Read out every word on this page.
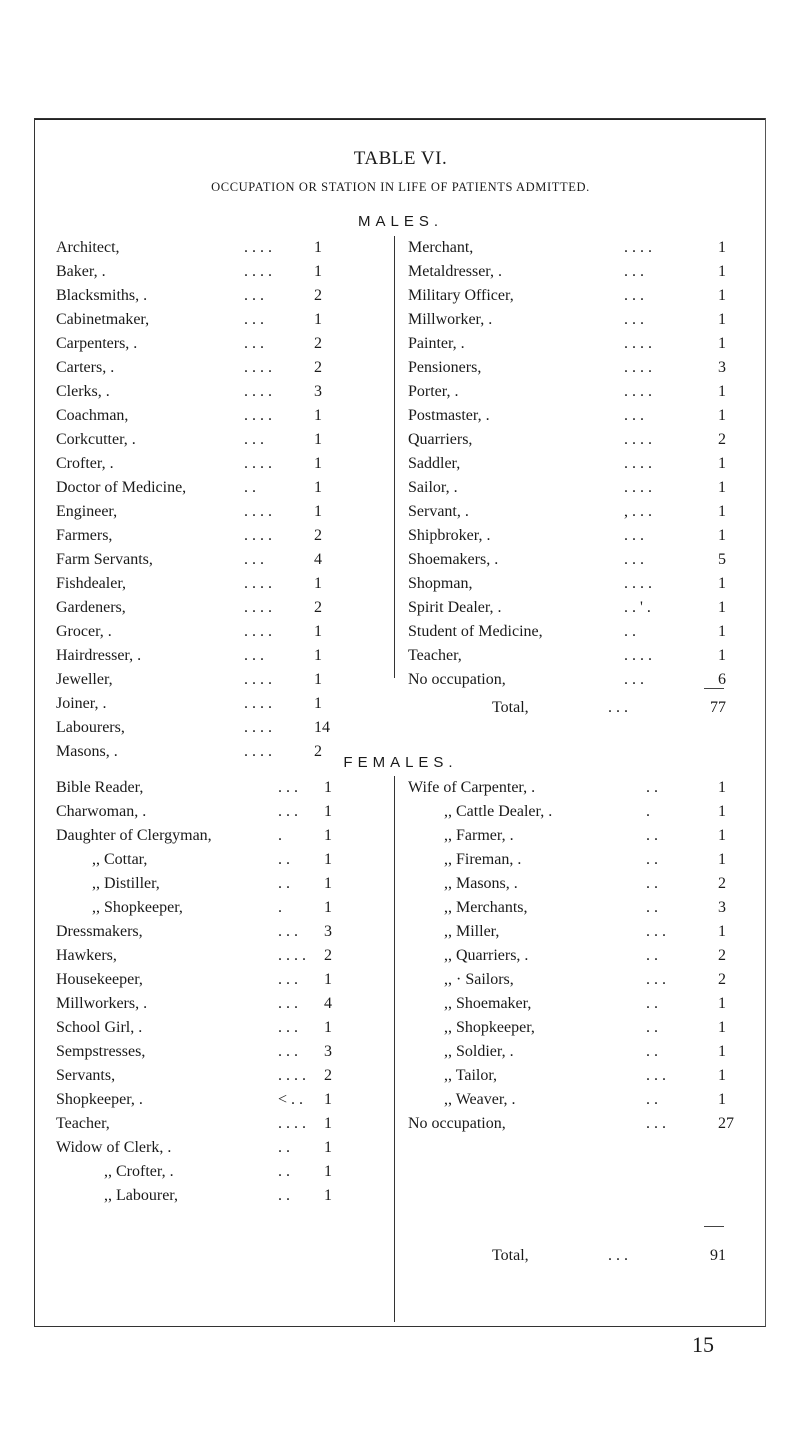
TABLE VI.
OCCUPATION OR STATION IN LIFE OF PATIENTS ADMITTED.
MALES.
Architect,	. . . .	1
Baker, .	. . . .	1
Blacksmiths, .	. . .	2
Cabinetmaker,	. . .	1
Carpenters, .	. . .	2
Carters, .	. . . .	2
Clerks, .	. . . .	3
Coachman,	. . . .	1
Corkcutter, .	. . .	1
Crofter, .	. . . .	1
Doctor of Medicine,	. .	1
Engineer,	. . . .	1
Farmers,	. . . .	2
Farm Servants,	. . .	4
Fishdealer,	. . . .	1
Gardeners,	. . . .	2
Grocer, .	. . . .	1
Hairdresser, .	. . .	1
Jeweller,	. . . .	1
Joiner, .	. . . .	1
Labourers,	. . . .	14
Masons, .	. . . .	2
Merchant,	. . . .	1
Metaldresser, .	. . .	1
Military Officer,	. . .	1
Millworker, .	. . .	1
Painter, .	. . . .	1
Pensioners,	. . . .	3
Porter, .	. . . .	1
Postmaster, .	. . .	1
Quarriers,	. . . .	2
Saddler,	. . . .	1
Sailor, .	. . . .	1
Servant, .	, . . .	1
Shipbroker, .	. . .	1
Shoemakers, .	. . .	5
Shopman,	. . . .	1
Spirit Dealer, .	. . ' .	1
Student of Medicine,	. .	1
Teacher,	. . . .	1
No occupation,	. . .	6
Total,	. . .	77
FEMALES.
Bible Reader,	. . . 1
Charwoman, .	. . . 1
Daughter of Clergyman,	.	1
,, Cottar,	. . 1
,, Distiller,	. . 1
,, Shopkeeper,	.	1
Dressmakers,	. . . 3
Hawkers,	. . . . 2
Housekeeper,	. . . 1
Millworkers, .	. . . 4
School Girl, .	. . . 1
Sempstresses,	. . . 3
Servants,	. . . . 2
Shopkeeper, .	< . . 1
Teacher,	. . . . 1
Widow of Clerk, .	. . 1
,, Crofter, .	. . 1
,, Labourer,	. . 1
Wife of Carpenter, .	. .	1
,, Cattle Dealer, .	.	1
,, Farmer, .	. .	1
,, Fireman, .	. .	1
,, Masons, .	. .	2
,, Merchants,	. .	3
,, Miller,	. . .	1
,, Quarriers, .	. .	2
,, · Sailors,	. . .	2
,, Shoemaker,	. .	1
,, Shopkeeper,	. .	1
,, Soldier, .	. .	1
,, Tailor,	. . .	1
,, Weaver, .	. .	1
No occupation,	. . .	27
Total,	. . .	91
15
